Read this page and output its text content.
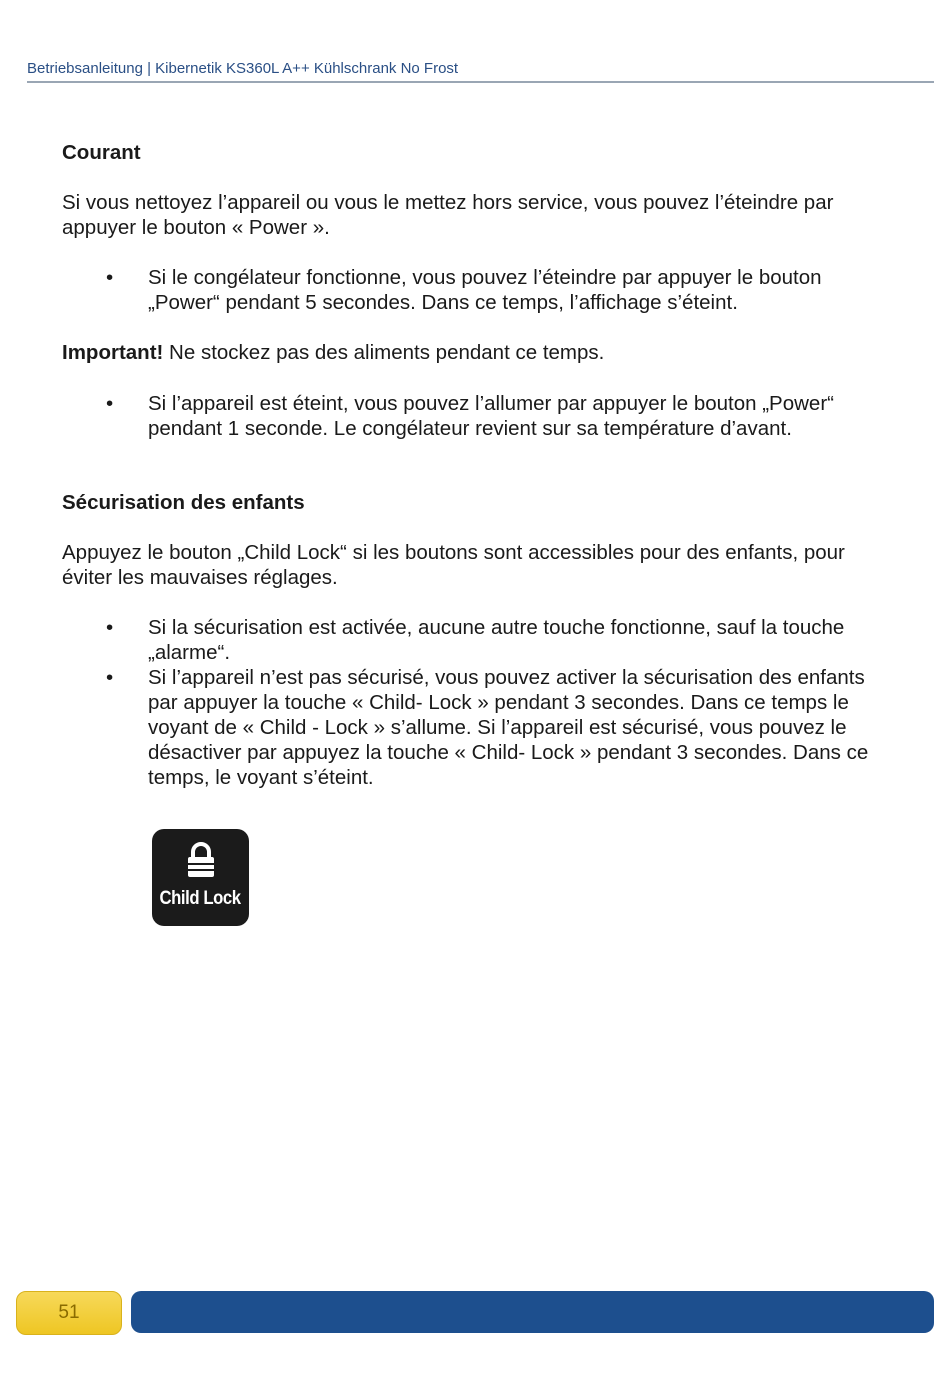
Betriebsanleitung | Kibernetik KS360L A++ Kühlschrank No Frost
Courant

Si vous nettoyez l’appareil ou vous le mettez hors service, vous pouvez l’éteindre par appuyer le bouton « Power ».

• Si le congélateur fonctionne, vous pouvez l’éteindre par appuyer le bouton „Power“ pendant 5 secondes. Dans ce temps, l’affichage s’éteint.

Important! Ne stockez pas des aliments pendant ce temps.

• Si l’appareil est éteint, vous pouvez l’allumer par appuyer le bouton „Power“ pendant 1 seconde. Le congélateur revient sur sa température d’avant.
Sécurisation des enfants

Appuyez le bouton „Child Lock“ si les boutons sont accessibles pour des enfants, pour éviter les mauvaises réglages.

• Si la sécurisation est activée, aucune autre touche fonctionne, sauf la touche „alarme“.
• Si l’appareil n’est pas sécurisé, vous pouvez activer la sécurisation des enfants par appuyer la touche « Child- Lock » pendant 3 secondes. Dans ce temps le voyant de « Child - Lock » s’allume. Si l’appareil est sécurisé, vous pouvez le désactiver par appuyez la touche « Child- Lock » pendant 3 secondes. Dans ce temps, le voyant s’éteint.
Child Lock
51
